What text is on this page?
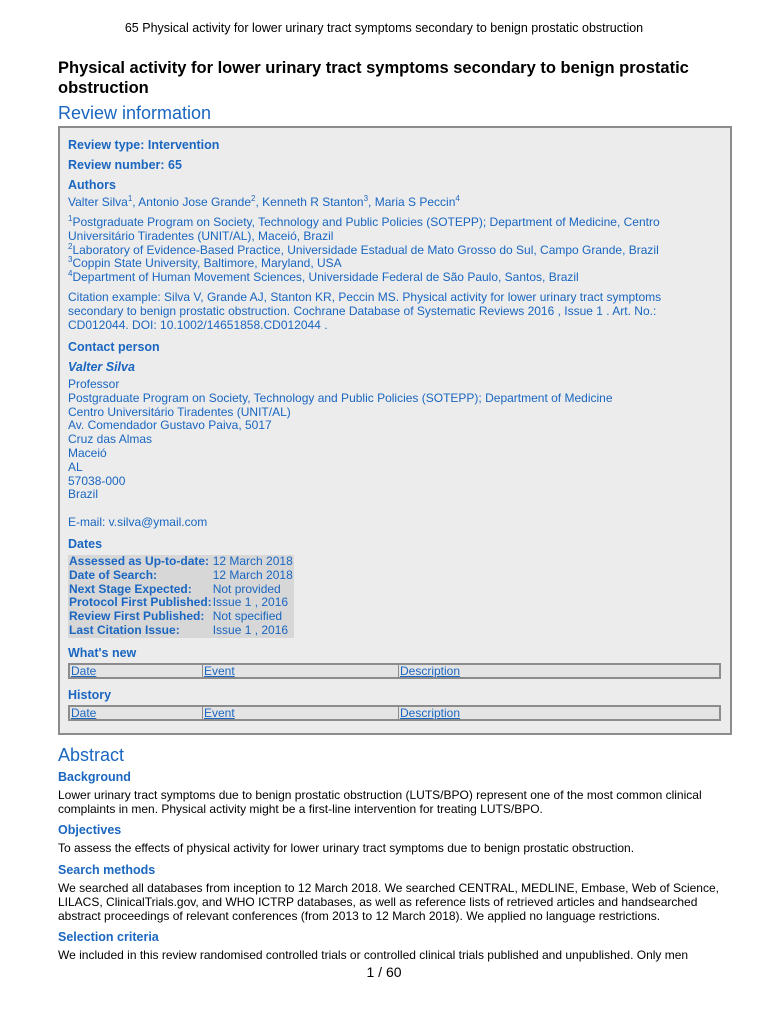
65 Physical activity for lower urinary tract symptoms secondary to benign prostatic obstruction
Physical activity for lower urinary tract symptoms secondary to benign prostatic obstruction
Review information

Review type: Intervention

Review number: 65

Authors

Valter Silva$^1$, Antonio Jose Grande$^2$, Kenneth R Stanton$^3$, Maria S Peccin$^4$

$^1$Postgraduate Program on Society, Technology and Public Policies (SOTEPP); Department of Medicine, Centro
Universitário Tiradentes (UNIT/AL), Maceió, Brazil
$^2$Laboratory of Evidence-Based Practice, Universidade Estadual de Mato Grosso do Sul, Campo Grande, Brazil
$^3$Coppin State University, Baltimore, Maryland, USA
$^4$Department of Human Movement Sciences, Universidade Federal de São Paulo, Santos, Brazil
Citation example: Silva V, Grande AJ, Stanton KR, Peccin MS. Physical activity for lower urinary tract symptoms
secondary to benign prostatic obstruction. Cochrane Database of Systematic Reviews 2016 , Issue 1 . Art. No.:
CD012044. DOI: 10.1002/14651858.CD012044 .

Contact person

Valter Silva

Professor
Postgraduate Program on Society, Technology and Public Policies (SOTEPP); Department of Medicine
Centro Universitário Tiradentes (UNIT/AL)
Av. Comendador Gustavo Paiva, 5017
Cruz das Almas
Maceió
AL
57038-000
Brazil

E-mail: v.silva@ymail.com

Dates

Assessed as Up-to-date:	12 March 2018
Date of Search:	12 March 2018
Next Stage Expected:	Not provided
Protocol First Published:	Issue 1 , 2016
Review First Published:	Not specified
Last Citation Issue:	Issue 1 , 2016

What's new

Date	Event	Description

History

Date	Event	Description
Abstract

Background

Lower urinary tract symptoms due to benign prostatic obstruction (LUTS/BPO) represent one of the most common clinical
complaints in men. Physical activity might be a first-line intervention for treating LUTS/BPO.

Objectives

To assess the effects of physical activity for lower urinary tract symptoms due to benign prostatic obstruction.

Search methods

We searched all databases from inception to 12 March 2018. We searched CENTRAL, MEDLINE, Embase, Web of Science,
LILACS, ClinicalTrials.gov, and WHO ICTRP databases, as well as reference lists of retrieved articles and handsearched
abstract proceedings of relevant conferences (from 2013 to 12 March 2018). We applied no language restrictions.

Selection criteria

We included in this review randomised controlled trials or controlled clinical trials published and unpublished. Only men
1 / 60
